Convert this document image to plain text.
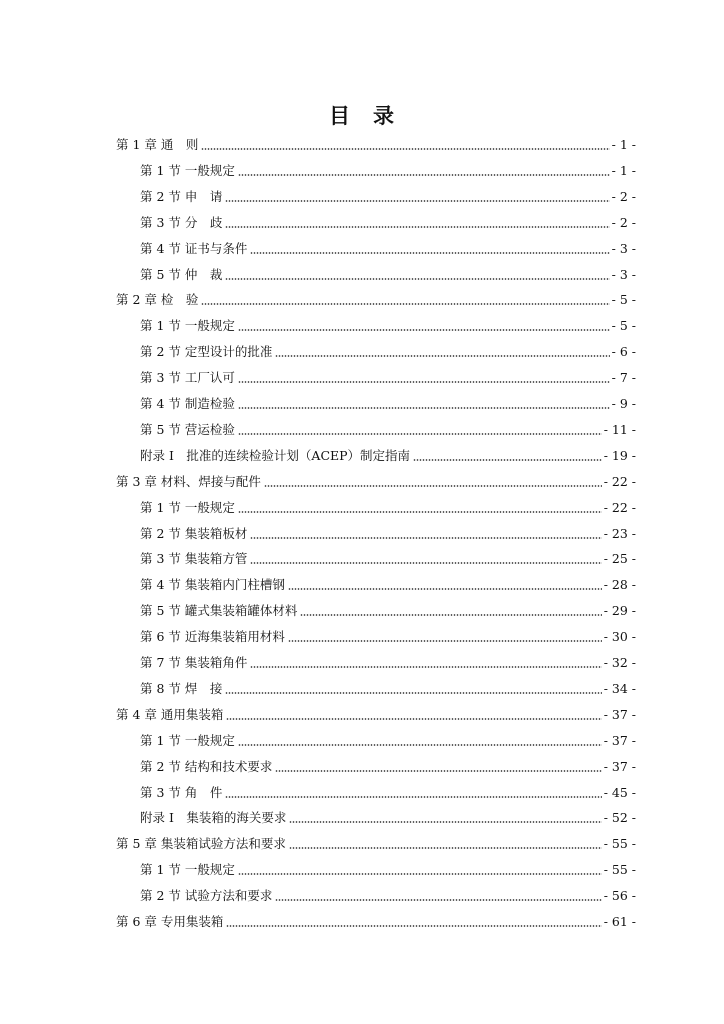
目　录
第 1 章 通　则	- 1 -
第 1 节 一般规定	- 1 -
第 2 节 申　请	- 2 -
第 3 节 分　歧	- 2 -
第 4 节 证书与条件	- 3 -
第 5 节 仲　裁	- 3 -
第 2 章 检　验	- 5 -
第 1 节 一般规定	- 5 -
第 2 节 定型设计的批准	- 6 -
第 3 节 工厂认可	- 7 -
第 4 节 制造检验	- 9 -
第 5 节 营运检验	- 11 -
附录 I　批准的连续检验计划（ACEP）制定指南	- 19 -
第 3 章 材料、焊接与配件	- 22 -
第 1 节 一般规定	- 22 -
第 2 节 集装箱板材	- 23 -
第 3 节 集装箱方管	- 25 -
第 4 节 集装箱内门柱槽钢	- 28 -
第 5 节 罐式集装箱罐体材料	- 29 -
第 6 节 近海集装箱用材料	- 30 -
第 7 节 集装箱角件	- 32 -
第 8 节 焊　接	- 34 -
第 4 章 通用集装箱	- 37 -
第 1 节 一般规定	- 37 -
第 2 节 结构和技术要求	- 37 -
第 3 节 角　件	- 45 -
附录 I　集装箱的海关要求	- 52 -
第 5 章 集装箱试验方法和要求	- 55 -
第 1 节 一般规定	- 55 -
第 2 节 试验方法和要求	- 56 -
第 6 章 专用集装箱	- 61 -
